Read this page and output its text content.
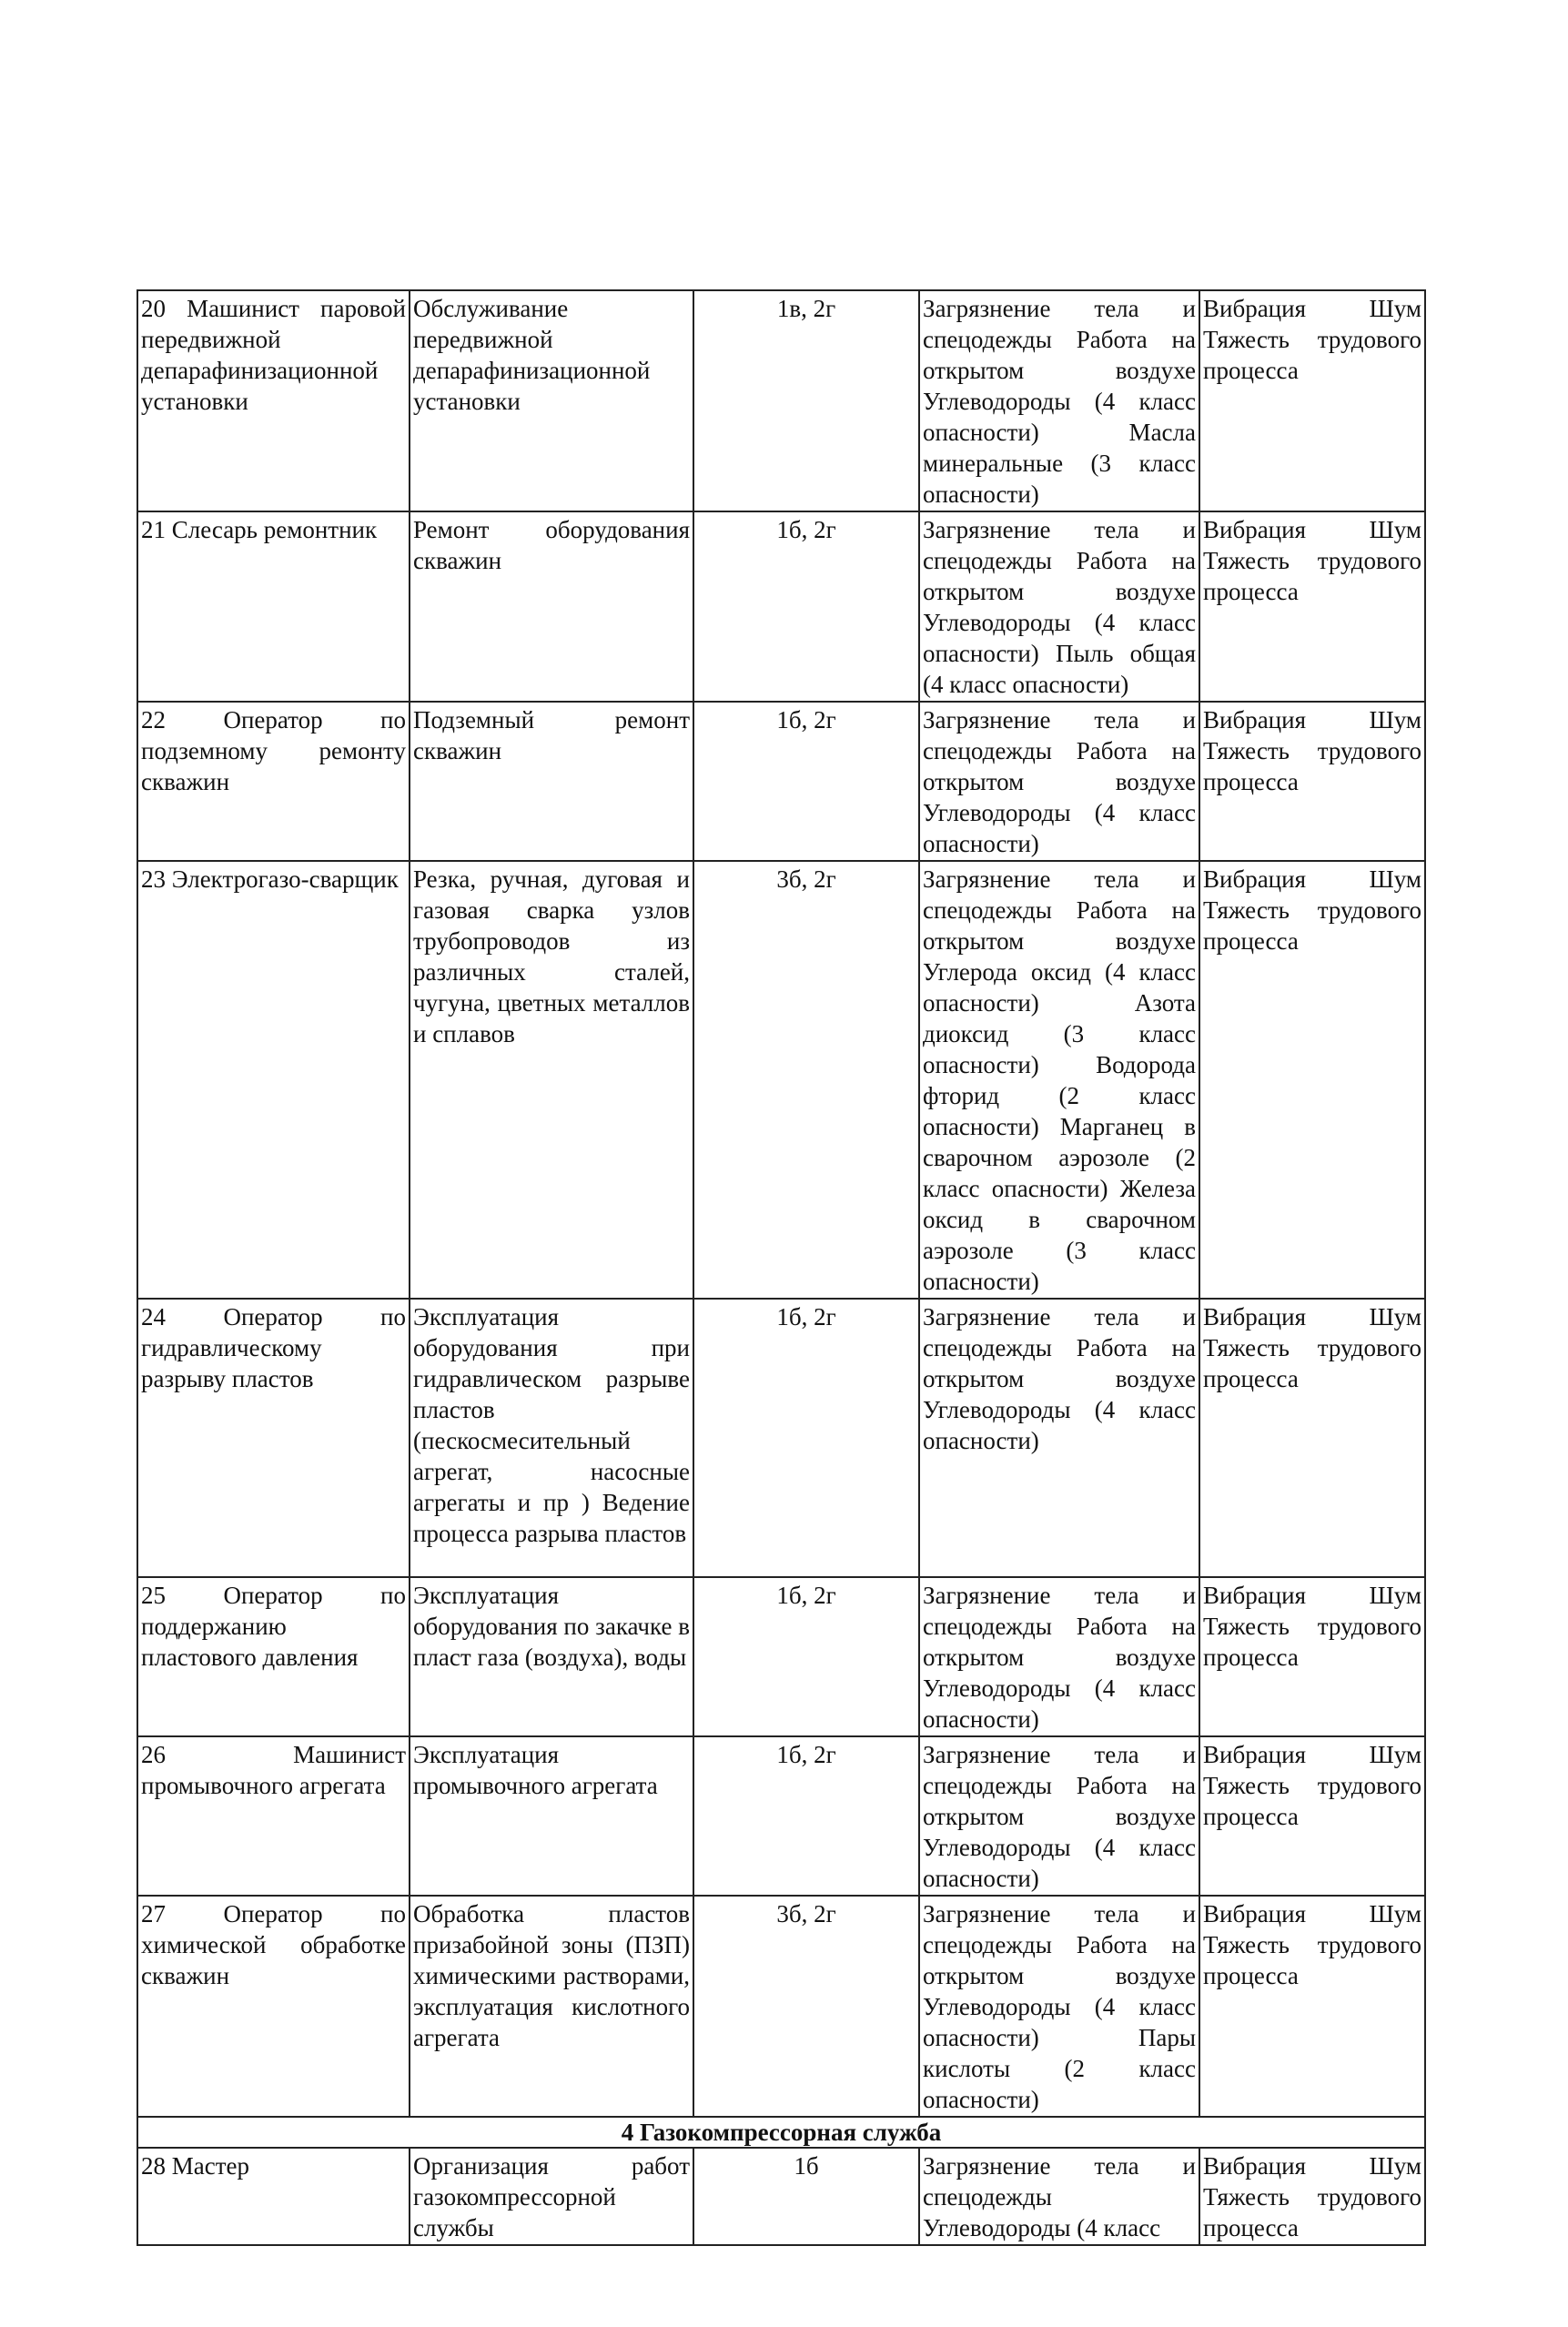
20 Машинист паровой передвижной депарафинизационной установки	Обслуживание передвижной депарафинизационной установки	1в, 2г	Загрязнение тела и спецодежды Работа на открытом воздухе Углеводороды (4 класс опасности) Масла минеральные (3 класс опасности)	Вибрация Шум Тяжесть трудового процесса
21 Слесарь ремонтник	Ремонт оборудования скважин	1б, 2г	Загрязнение тела и спецодежды Работа на открытом воздухе Углеводороды (4 класс опасности) Пыль общая (4 класс опасности)	Вибрация Шум Тяжесть трудового процесса
22 Оператор по подземному ремонту скважин	Подземный ремонт скважин	1б, 2г	Загрязнение тела и спецодежды Работа на открытом воздухе Углеводороды (4 класс опасности)	Вибрация Шум Тяжесть трудового процесса
23 Электрогазо-сварщик	Резка, ручная, дуговая и газовая сварка узлов трубопроводов из различных сталей, чугуна, цветных металлов и сплавов	3б, 2г	Загрязнение тела и спецодежды Работа на открытом воздухе Углерода оксид (4 класс опасности) Азота диоксид (3 класс опасности) Водорода фторид (2 класс опасности) Марганец в сварочном аэрозоле (2 класс опасности) Железа оксид в сварочном аэрозоле (3 класс опасности)	Вибрация Шум Тяжесть трудового процесса
24 Оператор по гидравлическому разрыву пластов	Эксплуатация оборудования при гидравлическом разрыве пластов (пескосмесительный агрегат, насосные агрегаты и пр ) Ведение процесса разрыва пластов	1б, 2г	Загрязнение тела и спецодежды Работа на открытом воздухе Углеводороды (4 класс опасности)	Вибрация Шум Тяжесть трудового процесса
25 Оператор по поддержанию пластового давления	Эксплуатация оборудования по закачке в пласт газа (воздуха), воды	1б, 2г	Загрязнение тела и спецодежды Работа на открытом воздухе Углеводороды (4 класс опасности)	Вибрация Шум Тяжесть трудового процесса
26 Машинист промывочного агрегата	Эксплуатация промывочного агрегата	1б, 2г	Загрязнение тела и спецодежды Работа на открытом воздухе Углеводороды (4 класс опасности)	Вибрация Шум Тяжесть трудового процесса
27 Оператор по химической обработке скважин	Обработка пластов призабойной зоны (ПЗП) химическими растворами, эксплуатация кислотного агрегата	3б, 2г	Загрязнение тела и спецодежды Работа на открытом воздухе Углеводороды (4 класс опасности) Пары кислоты (2 класс опасности)	Вибрация Шум Тяжесть трудового процесса
4 Газокомпрессорная служба				
28 Мастер	Организация работ газокомпрессорной службы	1б	Загрязнение тела и спецодежды Углеводороды (4 класс	Вибрация Шум Тяжесть трудового процесса
